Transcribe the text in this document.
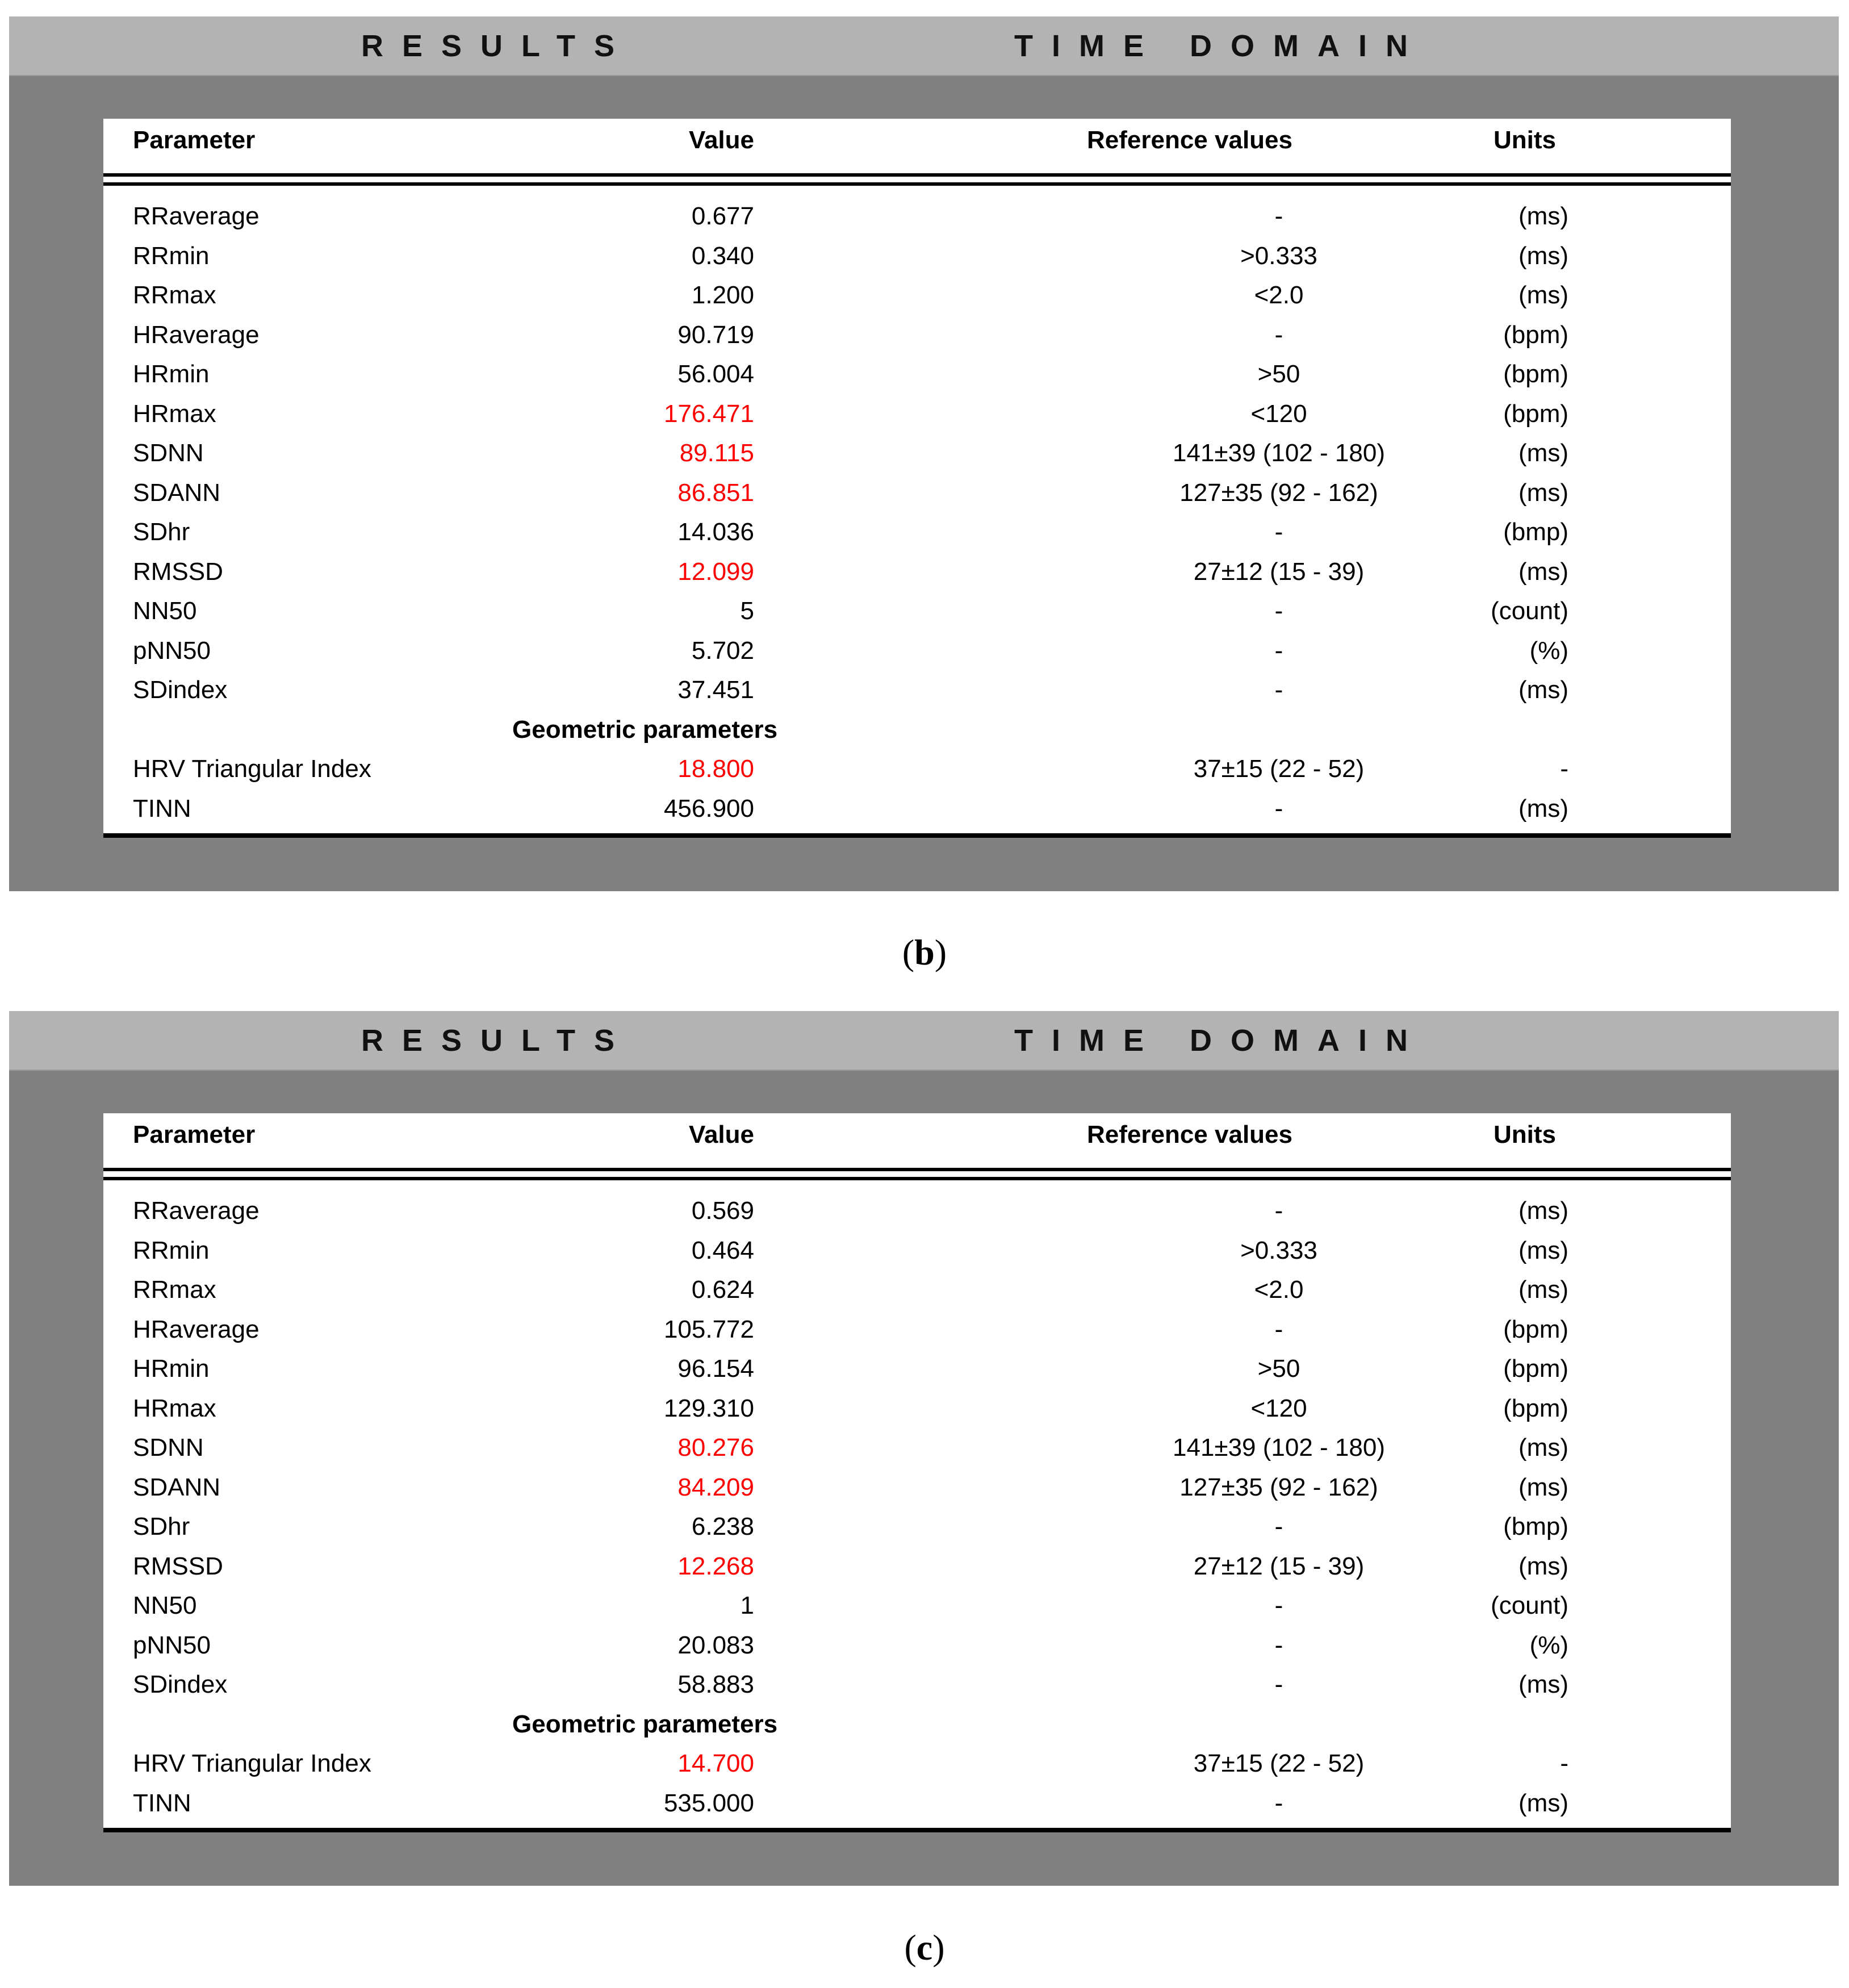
RESULTS	TIME DOMAIN
Parameter	Value	Reference values	Units
RRaverage	0.677	-	(ms)
RRmin	0.340	>0.333	(ms)
RRmax	1.200	<2.0	(ms)
HRaverage	90.719	-	(bpm)
HRmin	56.004	>50	(bpm)
HRmax	176.471	<120	(bpm)
SDNN	89.115	141±39 (102 - 180)	(ms)
SDANN	86.851	127±35 (92 - 162)	(ms)
SDhr	14.036	-	(bmp)
RMSSD	12.099	27±12 (15 - 39)	(ms)
NN50	5	-	(count)
pNN50	5.702	-	(%)
SDindex	37.451	-	(ms)
Geometric parameters
HRV Triangular Index	18.800	37±15 (22 - 52)	-
TINN	456.900	-	(ms)
(b)
RESULTS	TIME DOMAIN
Parameter	Value	Reference values	Units
RRaverage	0.569	-	(ms)
RRmin	0.464	>0.333	(ms)
RRmax	0.624	<2.0	(ms)
HRaverage	105.772	-	(bpm)
HRmin	96.154	>50	(bpm)
HRmax	129.310	<120	(bpm)
SDNN	80.276	141±39 (102 - 180)	(ms)
SDANN	84.209	127±35 (92 - 162)	(ms)
SDhr	6.238	-	(bmp)
RMSSD	12.268	27±12 (15 - 39)	(ms)
NN50	1	-	(count)
pNN50	20.083	-	(%)
SDindex	58.883	-	(ms)
Geometric parameters
HRV Triangular Index	14.700	37±15 (22 - 52)	-
TINN	535.000	-	(ms)
(c)
